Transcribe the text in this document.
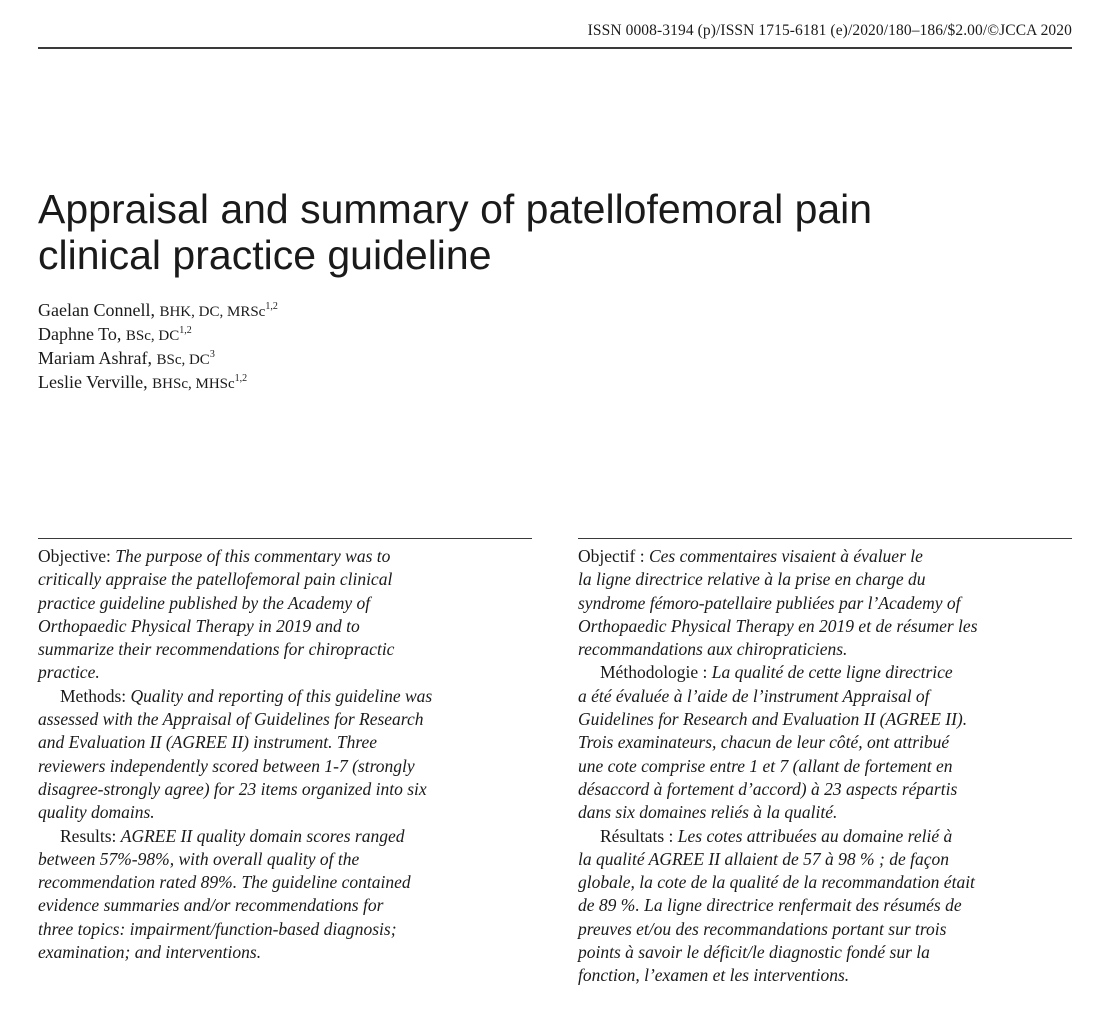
ISSN 0008-3194 (p)/ISSN 1715-6181 (e)/2020/180–186/$2.00/©JCCA 2020
Appraisal and summary of patellofemoral pain
clinical practice guideline
Gaelan Connell, BHK, DC, MRSc$^{1,2}$
Daphne To, BSc, DC$^{1,2}$
Mariam Ashraf, BSc, $DC^3$
Leslie Verville, BHSc, MHSc$^{1,2}$
Objective: The purpose of this commentary was to
critically appraise the patellofemoral pain clinical
practice guideline published by the Academy of
Orthopaedic Physical Therapy in 2019 and to
summarize their recommendations for chiropractic
practice.
Methods: Quality and reporting of this guideline was
assessed with the Appraisal of Guidelines for Research
and Evaluation II (AGREE II) instrument. Three
reviewers independently scored between 1-7 (strongly
disagree-strongly agree) for 23 items organized into six
quality domains.
Results: AGREE II quality domain scores ranged
between 57%-98%, with overall quality of the
recommendation rated 89%. The guideline contained
evidence summaries and/or recommendations for
three topics: impairment/function-based diagnosis;
examination; and interventions.
Objectif : Ces commentaires visaient à évaluer le
la ligne directrice relative à la prise en charge du
syndrome fémoro-patellaire publiées par l’Academy of
Orthopaedic Physical Therapy en 2019 et de résumer les
recommandations aux chiropraticiens.
Méthodologie : La qualité de cette ligne directrice
a été évaluée à l’aide de l’instrument Appraisal of
Guidelines for Research and Evaluation II (AGREE II).
Trois examinateurs, chacun de leur côté, ont attribué
une cote comprise entre 1 et 7 (allant de fortement en
désaccord à fortement d’accord) à 23 aspects répartis
dans six domaines reliés à la qualité.
Résultats : Les cotes attribuées au domaine relié à
la qualité AGREE II allaient de 57 à 98 % ; de façon
globale, la cote de la qualité de la recommandation était
de 89 %. La ligne directrice renfermait des résumés de
preuves et/ou des recommandations portant sur trois
points à savoir le déficit/le diagnostic fondé sur la
fonction, l’examen et les interventions.
